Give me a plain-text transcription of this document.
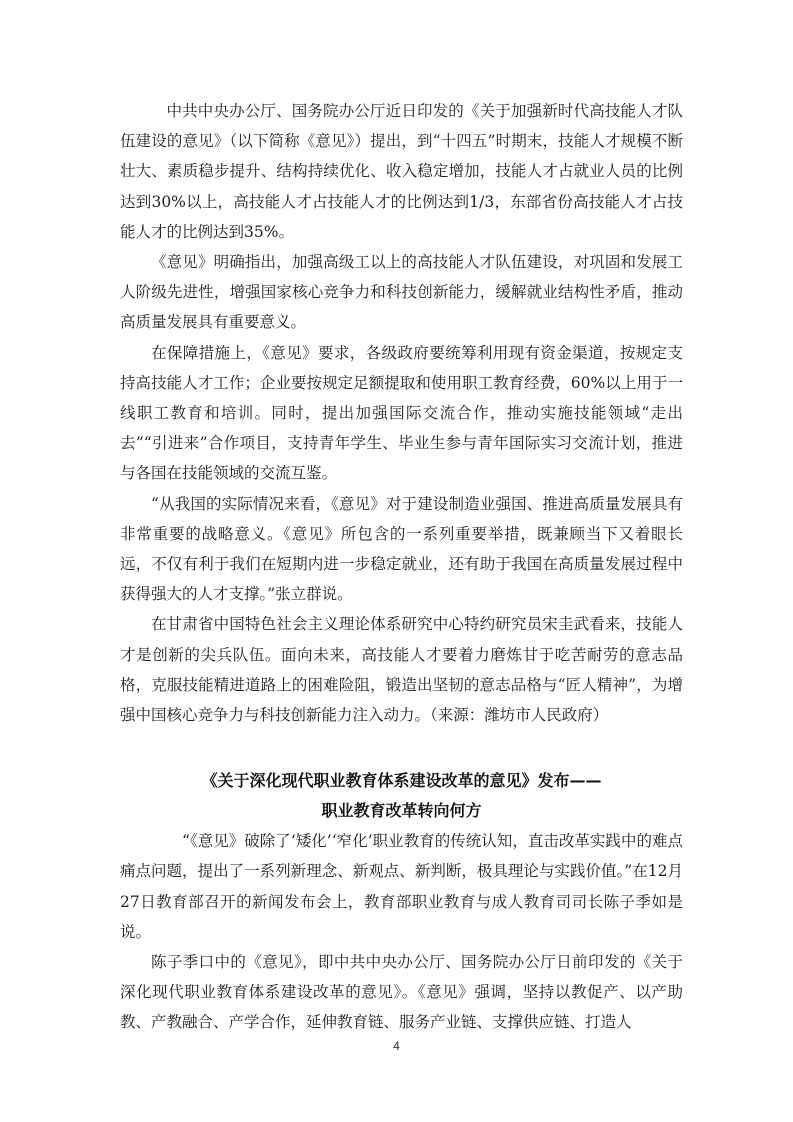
中共中央办公厅、国务院办公厅近日印发的《关于加强新时代高技能人才队伍建设的意见》（以下简称《意见》）提出，到“十四五”时期末，技能人才规模不断壮大、素质稳步提升、结构持续优化、收入稳定增加，技能人才占就业人员的比例达到30%以上，高技能人才占技能人才的比例达到1/3，东部省份高技能人才占技能人才的比例达到35%。

《意见》明确指出，加强高级工以上的高技能人才队伍建设，对巩固和发展工人阶级先进性，增强国家核心竞争力和科技创新能力，缓解就业结构性矛盾，推动高质量发展具有重要意义。

在保障措施上，《意见》要求，各级政府要统筹利用现有资金渠道，按规定支持高技能人才工作；企业要按规定足额提取和使用职工教育经费，60%以上用于一线职工教育和培训。同时，提出加强国际交流合作，推动实施技能领域“走出去”“引进来”合作项目，支持青年学生、毕业生参与青年国际实习交流计划，推进与各国在技能领域的交流互鉴。

“从我国的实际情况来看，《意见》对于建设制造业强国、推进高质量发展具有非常重要的战略意义。《意见》所包含的一系列重要举措，既兼顾当下又着眼长远，不仅有利于我们在短期内进一步稳定就业，还有助于我国在高质量发展过程中获得强大的人才支撑。”张立群说。

在甘肃省中国特色社会主义理论体系研究中心特约研究员宋圭武看来，技能人才是创新的尖兵队伍。面向未来，高技能人才要着力磨炼甘于吃苦耐劳的意志品格，克服技能精进道路上的困难险阻，锻造出坚韧的意志品格与“匠人精神”，为增强中国核心竞争力与科技创新能力注入动力。（来源：潍坊市人民政府）

《关于深化现代职业教育体系建设改革的意见》发布——

职业教育改革转向何方

“《意见》破除了‘矮化’‘窄化’职业教育的传统认知，直击改革实践中的难点痛点问题，提出了一系列新理念、新观点、新判断，极具理论与实践价值。”在12月27日教育部召开的新闻发布会上，教育部职业教育与成人教育司司长陈子季如是说。

陈子季口中的《意见》，即中共中央办公厅、国务院办公厅日前印发的《关于深化现代职业教育体系建设改革的意见》。《意见》强调，坚持以教促产、以产助教、产教融合、产学合作，延伸教育链、服务产业链、支撑供应链、打造人

4
